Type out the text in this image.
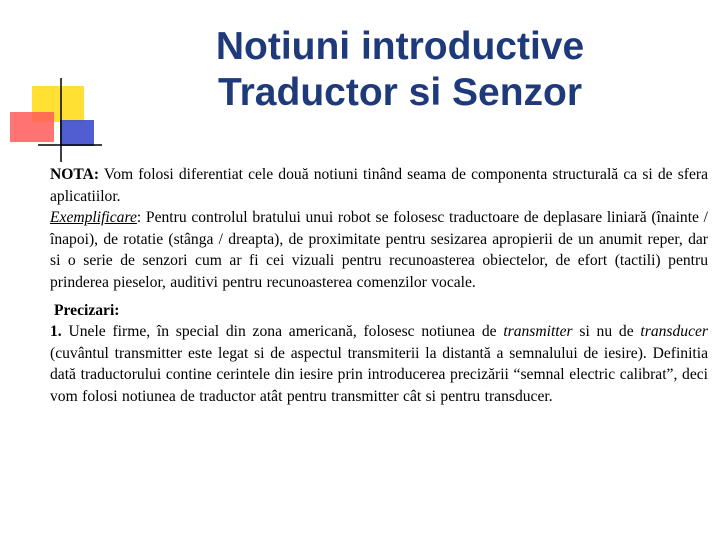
Notiuni introductive
Traductor si Senzor

NOTA: Vom folosi diferentiat cele două notiuni tinând seama de componenta structurală ca si de sfera aplicatiilor.

Exemplificare: Pentru controlul bratului unui robot se folosesc traductoare de deplasare liniară (înainte / înapoi), de rotatie (stânga / dreapta), de proximitate pentru sesizarea apropierii de un anumit reper, dar si o serie de senzori cum ar fi cei vizuali pentru recunoasterea obiectelor, de efort (tactili) pentru prinderea pieselor, auditivi pentru recunoasterea comenzilor vocale.

Precizari:

1. Unele firme, în special din zona americană, folosesc notiunea de transmitter si nu de transducer (cuvântul transmitter este legat si de aspectul transmiterii la distantă a semnalului de iesire). Definitia dată traductorului contine cerintele din iesire prin introducerea precizării “semnal electric calibrat”, deci vom folosi notiunea de traductor atât pentru transmitter cât si pentru transducer.
